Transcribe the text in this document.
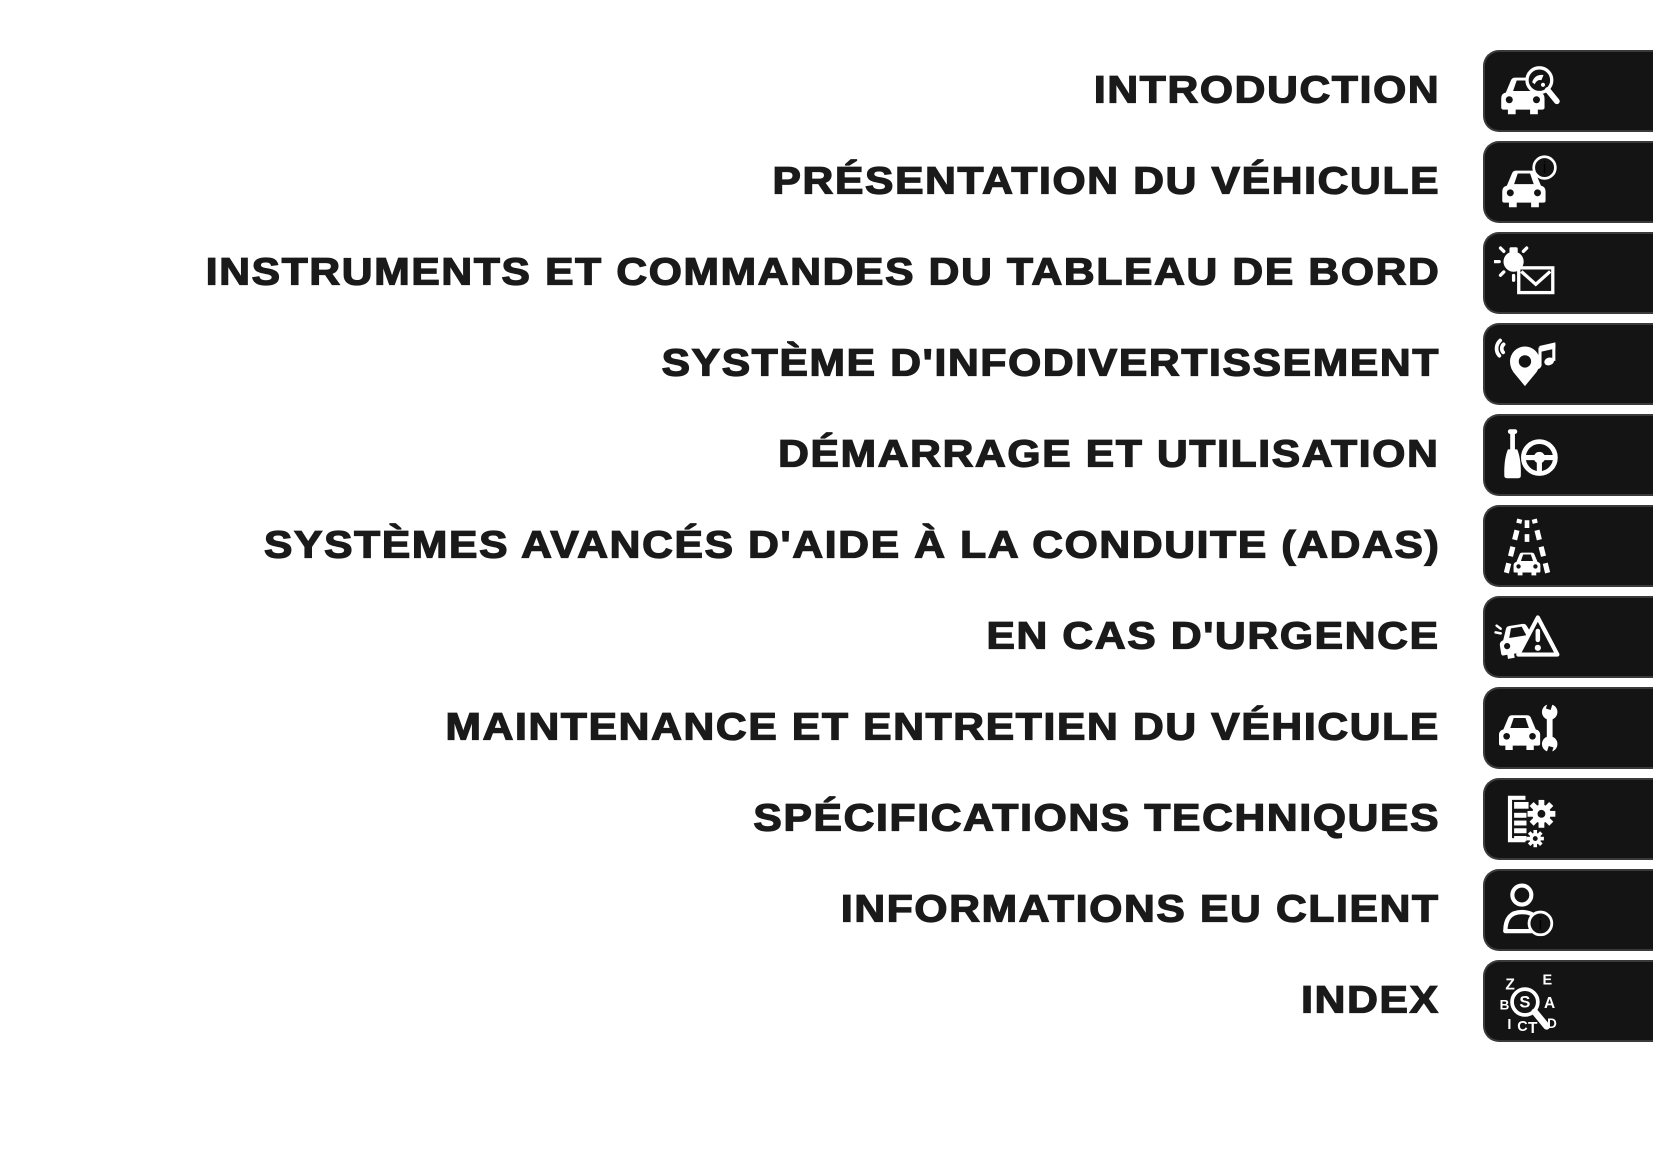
INTRODUCTION
PRÉSENTATION DU VÉHICULE
INSTRUMENTS ET COMMANDES DU TABLEAU DE BORD
SYSTÈME D'INFODIVERTISSEMENT
DÉMARRAGE ET UTILISATION
SYSTÈMES AVANCÉS D'AIDE À LA CONDUITE (ADAS)
EN CAS D'URGENCE
MAINTENANCE ET ENTRETIEN DU VÉHICULE
SPÉCIFICATIONS TECHNIQUES
INFORMATIONS EU CLIENT
INDEX	Z E
B A
D
I C T
S
